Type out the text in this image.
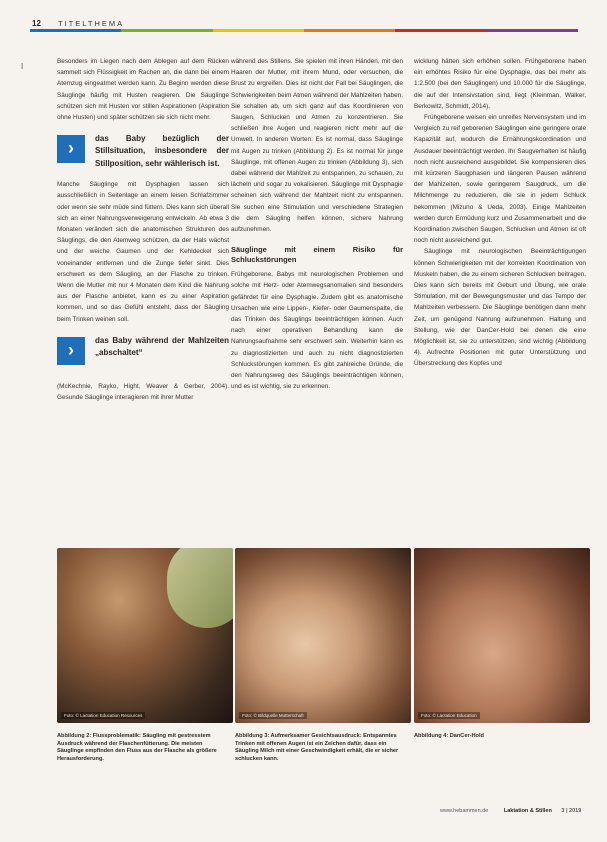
12 TITELTHEMA
I

Besonders im Liegen nach dem Ablegen auf dem Rücken sammelt sich Flüssigkeit im Rachen an, die dann bei einem Atemzug eingeatmet werden kann. Zu Beginn werden diese Säuglinge häufig mit Husten reagieren. Die Säuglinge schützen sich mit Husten vor stillen Aspirationen (Aspiration ohne Husten) und später schützen sie sich nicht mehr.

›	das Baby bezüglich der Stillsituation, insbesondere der Stillposition, sehr wählerisch ist.

Manche Säuglinge mit Dysphagien lassen sich ausschließlich in Seitenlage an einem leisen Schlafzimmer oder wenn sie sehr müde sind füttern. Dies kann sich überall sich an einer Nahrungsverweigerung entwickeln. Ab etwa 3 Monaten verändert sich die anatomischen Strukturen des Säuglings, die den Atemweg schützen, da der Hals wächst und der weiche Gaumen und der Kehldeckel sich voneinander entfernen und die Zunge tiefer sinkt. Dies erschwert es dem Säugling, an der Flasche zu trinken. Wenn die Mutter mit nur 4 Monaten dem Kind die Nahrung aus der Flasche anbietet, kann es zu einer Aspiration kommen, und so das Gefühl entsteht, dass der Säugling beim Trinken weinen soll.

›	das Baby während der Mahlzeiten „abschaltet“

(McKechnie, Rayko, Hight, Weaver & Gerber, 2004). Gesunde Säuglinge interagieren mit ihrer Mutter

während des Stillens. Sie spielen mit ihren Händen, mit den Haaren der Mutter, mit ihrem Mund, oder versuchen, die Brust zu ergreifen. Dies ist nicht der Fall bei Säuglingen, die Schwierigkeiten beim Atmen während der Mahlzeiten haben. Sie schalten ab, um sich ganz auf das Koordinieren von Saugen, Schlucken und Atmen zu konzentrieren. Sie schließen ihre Augen und reagieren nicht mehr auf die Umwelt. In anderen Worten: Es ist normal, dass Säuglinge mit Augen zu trinken (Abbildung 2). Es ist normal für junge Säuglinge, mit offenen Augen zu trinken (Abbildung 3), sich dabei während der Mahlzeit zu entspannen, zu schauen, zu lächeln und sogar zu vokalisieren. Säuglinge mit Dysphagie scheinen sich während der Mahlzeit nicht zu entspannen. Sie suchen eine Stimulation und verschiedene Strategien die dem Säugling helfen können, sichere Nahrung aufzunehmen.

Säuglinge mit einem Risiko für Schluckstörungen

Frühgeborene, Babys mit neurologischen Problemen und solche mit Herz- oder Atemwegsanomalien sind besonders gefährdet für eine Dysphagie. Zudem gibt es anatomische Ursachen wie eine Lippen-, Kiefer- oder Gaumenspalte, die das Trinken des Säuglings beeinträchtigen können. Auch nach einer operativen Behandlung kann die Nahrungsaufnahme sehr erschwert sein. Weiterhin kann es zu diagnostizierten und auch zu nicht diagnostizierten Schluckstörungen kommen. Es gibt zahlreiche Gründe, die den Nahrungsweg des Säuglings beeinträchtigen können, und es ist wichtig, sie zu erkennen.

wicklung hätten sich erhöhen sollen. Frühgeborene haben ein erhöhtes Risiko für eine Dysphagie, das bei mehr als 1:2.500 (bei den Säuglingen) und 10.000 für die Säuglinge, die auf der Intensivstation sind, liegt (Kleinman, Walker, Berkowitz, Schmidt, 2014).

Frühgeborene weisen ein unreifes Nervensystem und im Vergleich zu reif geborenen Säuglingen eine geringere orale Kapazität auf, wodurch die Ernährungskoordination und Ausdauer beeinträchtigt werden. Ihr Saugverhalten ist häufig noch nicht ausreichend ausgebildet. Sie kompensieren dies mit kürzeren Saugphasen und längeren Pausen während der Mahlzeiten, sowie geringerem Saugdruck, um die Milchmenge zu reduzieren, die sie in jedem Schluck bekommen (Mizuno & Ueda, 2003). Einige Mahlzeiten werden durch Ermüdung kurz und Zusammenarbeit und die Koordination zwischen Saugen, Schlucken und Atmen ist oft noch nicht ausreichend gut.

Säuglinge mit neurologischen Beeinträchtigungen können Schwierigkeiten mit der korrekten Koordination von Muskeln haben, die zu einem sicheren Schlucken beitragen. Dies kann sich bereits mit Geburt und Übung, wie orale Stimulation, mit der Bewegungsmuster und das Tempo der Mahlzeiten verbessern. Die Säuglinge benötigen dann mehr Zeit, um genügend Nahrung aufzunehmen. Haltung und Stellung, wie der DanCer-Hold bei denen die eine Möglichkeit ist, sie zu unterstützen, sind wichtig (Abbildung 4). Aufrechte Positionen mit guter Unterstützung und Überstreckung des Kopfes und

Foto: © Lactation Education Resources	Foto: © Bildquelle Mutterschaft	Foto: © Lactation Education
Abbildung 2: Flussproblematik: Säugling mit gestresstem Ausdruck während der Flaschenfütterung. Die meisten Säuglinge empfinden den Fluss aus der Flasche als größere Herausforderung.
Abbildung 3: Aufmerksamer Gesichtsausdruck: Entspanntes Trinken mit offenen Augen ist ein Zeichen dafür, dass ein Säugling Milch mit einer Geschwindigkeit erhält, die er sicher schlucken kann.
Abbildung 4: DanCer-Hold
www.hebammen.de	Laktation & Stillen 3 | 2019
